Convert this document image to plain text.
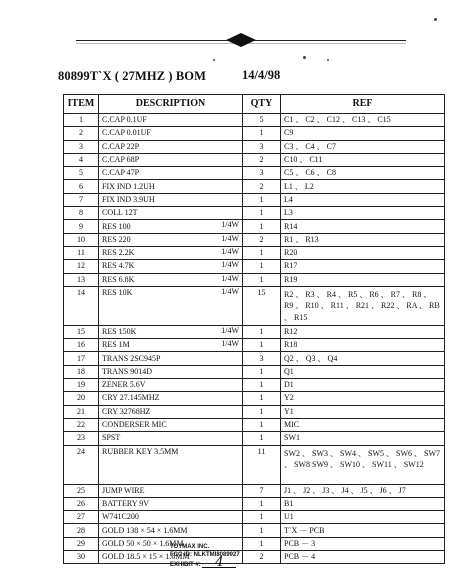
80899T`X ( 27MHZ ) BOM	14/4/98
ITEM	DESCRIPTION	QTY	REF
1	C.CAP 0.1UF	5	C1 、 C2 、 C12 、 C13 、 C15
2	C.CAP 0.01UF	1	C9
3	C.CAP 22P	3	C3 、 C4 、 C7
4	C.CAP 68P	2	C10 、 C11
5	C.CAP 47P	3	C5 、 C6 、 C8
6	FIX IND 1.2UH	2	L1 、 L2
7	FIX IND 3.9UH	1	L4
8	COLL 12T	1	L3
9	RES 100 1/4W	1	R14
10	RES 220 1/4W	2	R1 、 R13
11	RES 2.2K 1/4W	1	R20
12	RES 4.7K 1/4W	1	R17
13	RES 6.8K 1/4W	1	R19
14	RES 10K 1/4W	15	R2 、 R3 、 R4 、 R5 、 R6 、 R7 、 R8 、 R9 、 R10 、 R11 、 R21 、 R22 、 RA 、 RB 、 R15
15	RES 150K 1/4W	1	R12
16	RES 1M 1/4W	1	R18
17	TRANS 2SC945P	3	Q2 、 Q3 、 Q4
18	TRANS 9014D	1	Q1
19	ZENER 5.6V	1	D1
20	CRY 27.145MHZ	1	Y2
21	CRY 32768HZ	1	Y1
22	CONDERSER MIC	1	MIC
23	SPST	1	SW1
24	RUBBER KEY 3.5MM	11	SW2 、 SW3 、 SW4 、 SW5 、 SW6 、 SW7 、 SW8 SW9 、 SW10 、 SW11 、 SW12
25	JUMP WIRE	7	J1 、 J2 、 J3 、 J4 、 J5 、 J6 、 J7
26	BATTERY 9V	1	B1
27	W741C200	1	U1
28	GOLD 138 × 54 × 1.6MM	1	T`X － PCB
29	GOLD 50 × 50 × 1.6MM	1	PCB － 3
30	GOLD 18.5 × 15 × 1.6MM	2	PCB － 4
TOYMAX INC.
FCC ID: NLKTMI8089927
EXHIBIT #: 4
